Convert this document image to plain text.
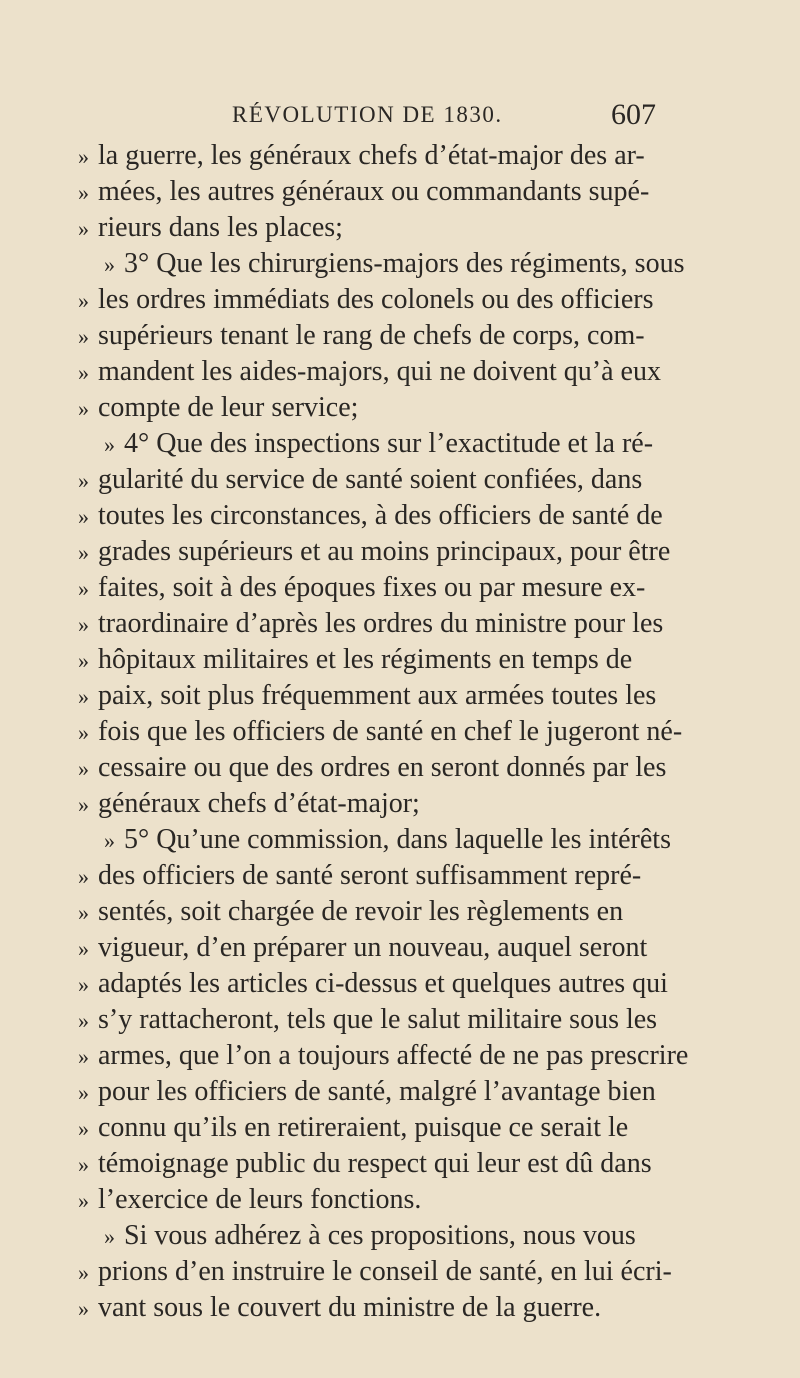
RÉVOLUTION DE 1830.	607
» la guerre, les généraux chefs d’état-major des ar-
» mées, les autres généraux ou commandants supé-
» rieurs dans les places;
» 3° Que les chirurgiens-majors des régiments, sous
» les ordres immédiats des colonels ou des officiers
» supérieurs tenant le rang de chefs de corps, com-
» mandent les aides-majors, qui ne doivent qu’à eux
» compte de leur service;
» 4° Que des inspections sur l’exactitude et la ré-
» gularité du service de santé soient confiées, dans
» toutes les circonstances, à des officiers de santé de
» grades supérieurs et au moins principaux, pour être
» faites, soit à des époques fixes ou par mesure ex-
» traordinaire d’après les ordres du ministre pour les
» hôpitaux militaires et les régiments en temps de
» paix, soit plus fréquemment aux armées toutes les
» fois que les officiers de santé en chef le jugeront né-
» cessaire ou que des ordres en seront donnés par les
» généraux chefs d’état-major;
» 5° Qu’une commission, dans laquelle les intérêts
» des officiers de santé seront suffisamment repré-
» sentés, soit chargée de revoir les règlements en
» vigueur, d’en préparer un nouveau, auquel seront
» adaptés les articles ci-dessus et quelques autres qui
» s’y rattacheront, tels que le salut militaire sous les
» armes, que l’on a toujours affecté de ne pas prescrire
» pour les officiers de santé, malgré l’avantage bien
» connu qu’ils en retireraient, puisque ce serait le
» témoignage public du respect qui leur est dû dans
» l’exercice de leurs fonctions.
» Si vous adhérez à ces propositions, nous vous
» prions d’en instruire le conseil de santé, en lui écri-
» vant sous le couvert du ministre de la guerre.
